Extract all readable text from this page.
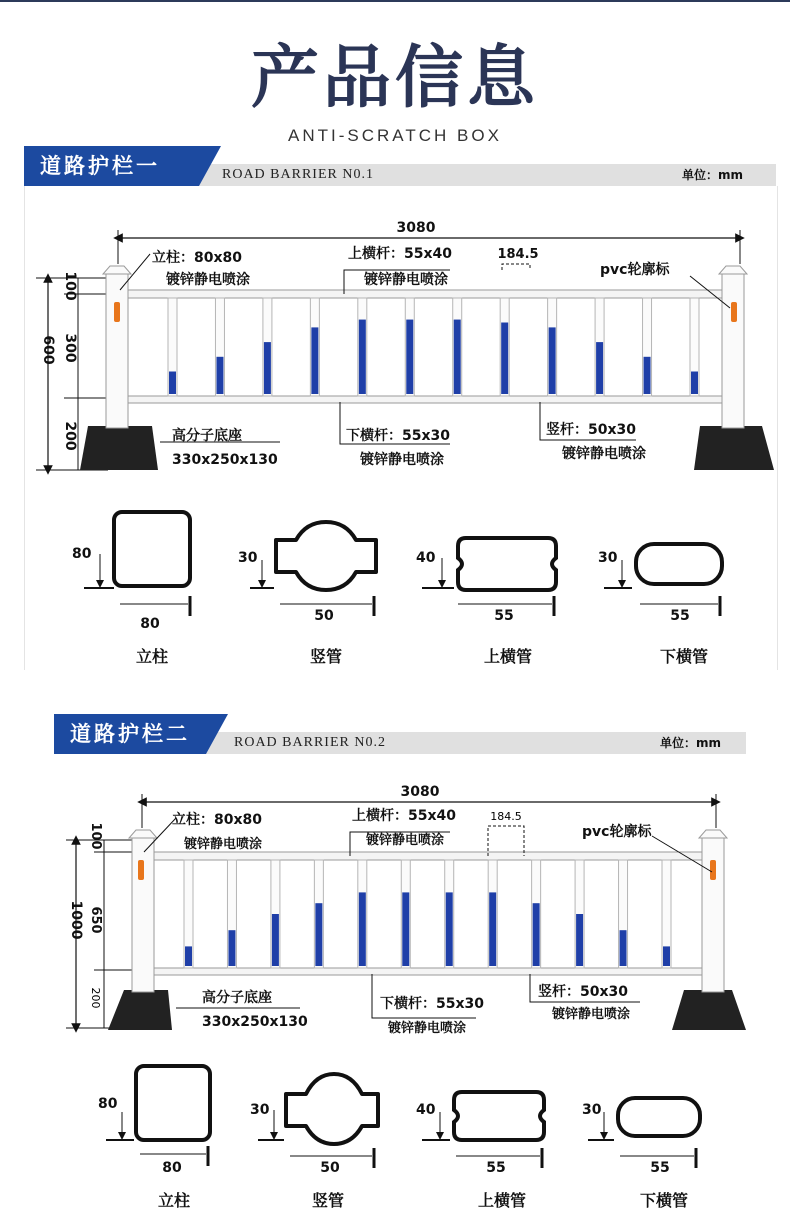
产品信息
ANTI-SCRATCH BOX
道路护栏一	ROAD BARRIER N0.1	单位：mm
3080
600
100
300
200
184.5
立柱：80x80
镀锌静电喷涂
上横杆：55x40
镀锌静电喷涂
pvc轮廓标
高分子底座
330x250x130
下横杆：55x30
镀锌静电喷涂
竖杆：50x30
镀锌静电喷涂
80
80
立柱
30
50
竖管
40
55
上横管
30
55
下横管
道路护栏二	ROAD BARRIER N0.2	单位：mm
3080
1000
100
650
200
184.5
立柱：80x80
镀锌静电喷涂
上横杆：55x40
镀锌静电喷涂
pvc轮廓标
高分子底座
330x250x130
下横杆：55x30
镀锌静电喷涂
竖杆：50x30
镀锌静电喷涂
80
80
立柱
30
50
竖管
40
55
上横管
30
55
下横管
